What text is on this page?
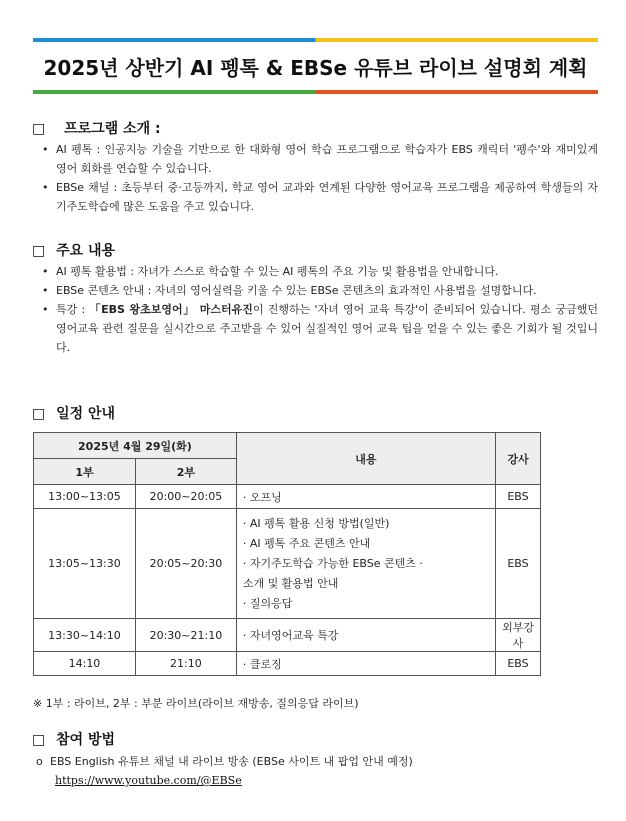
2025년 상반기 AI 펭톡 & EBSe 유튜브 라이브 설명회 계획
□ 프로그램 소개 :
• AI 펭톡 : 인공지능 기술을 기반으로 한 대화형 영어 학습 프로그램으로 학습자가 EBS 캐릭터 '펭수'와 재미있게 영어 회화를 연습할 수 있습니다.
• EBSe 채널 : 초등부터 중·고등까지, 학교 영어 교과와 연계된 다양한 영어교육 프로그램을 제공하여 학생들의 자기주도학습에 많은 도움을 주고 있습니다.
□ 주요 내용
• AI 펭톡 활용법 : 자녀가 스스로 학습할 수 있는 AI 펭톡의 주요 기능 및 활용법을 안내합니다.
• EBSe 콘텐츠 안내 : 자녀의 영어실력을 키울 수 있는 EBSe 콘텐츠의 효과적인 사용법을 설명합니다.
• 특강 : 「EBS 왕초보영어」 마스터유진이 진행하는 '자녀 영어 교육 특강'이 준비되어 있습니다. 평소 궁금했던 영어교육 관련 질문을 실시간으로 주고받을 수 있어 실질적인 영어 교육 팁을 얻을 수 있는 좋은 기회가 될 것입니다.
□ 일정 안내
2025년 4월 29일(화)		내용	강사
1부	2부		
13:00~13:05	20:00~20:05	· 오프닝	EBS
13:05~13:30	20:05~20:30	· AI 펭톡 활용 신청 방법(일반)
· AI 펭톡 주요 콘텐츠 안내
· 자기주도학습 가능한 EBSe 콘텐츠 ·
소개 및 활용법 안내
· 질의응답	EBS
13:30~14:10	20:30~21:10	· 자녀영어교육 특강	외부강사
14:10	21:10	· 클로징	EBS
※ 1부 : 라이브, 2부 : 부분 라이브(라이브 재방송, 질의응답 라이브)
□ 참여 방법
o EBS English 유튜브 채널 내 라이브 방송 (EBSe 사이트 내 팝업 안내 예정)
https://www.youtube.com/@EBSe
